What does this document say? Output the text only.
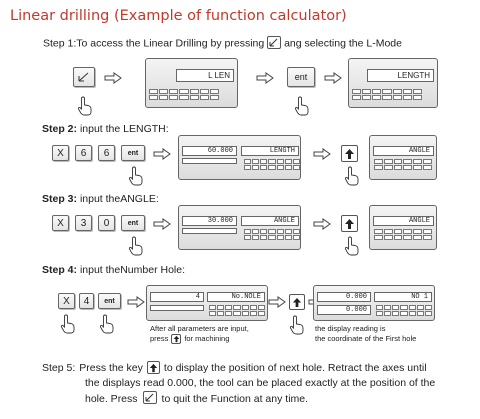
Linear drilling (Example of function calculator)
Step 1:To access the Linear Drilling by pressing ang selecting the L-Mode
L LEN	ent	LENGTH
Step 2: input the LENGTH:
X	6	6	ent	60.000	LENGTH	ANGLE
Step 3: input theANGLE:
X	3	0	ent	30.000	ANGLE	ANGLE
Step 4: input theNumber Hole:
X	4	ent	4	No.NOLE
After all parameters are input,
press for machining
0.000	NO 1
0.000
the display reading is
the coordinate of the First hole
Step 5: Press the key to display the position of next hole. Retract the axes until
the displays read 0.000, the tool can be placed exactly at the position of the
hole. Press to quit the Function at any time.
